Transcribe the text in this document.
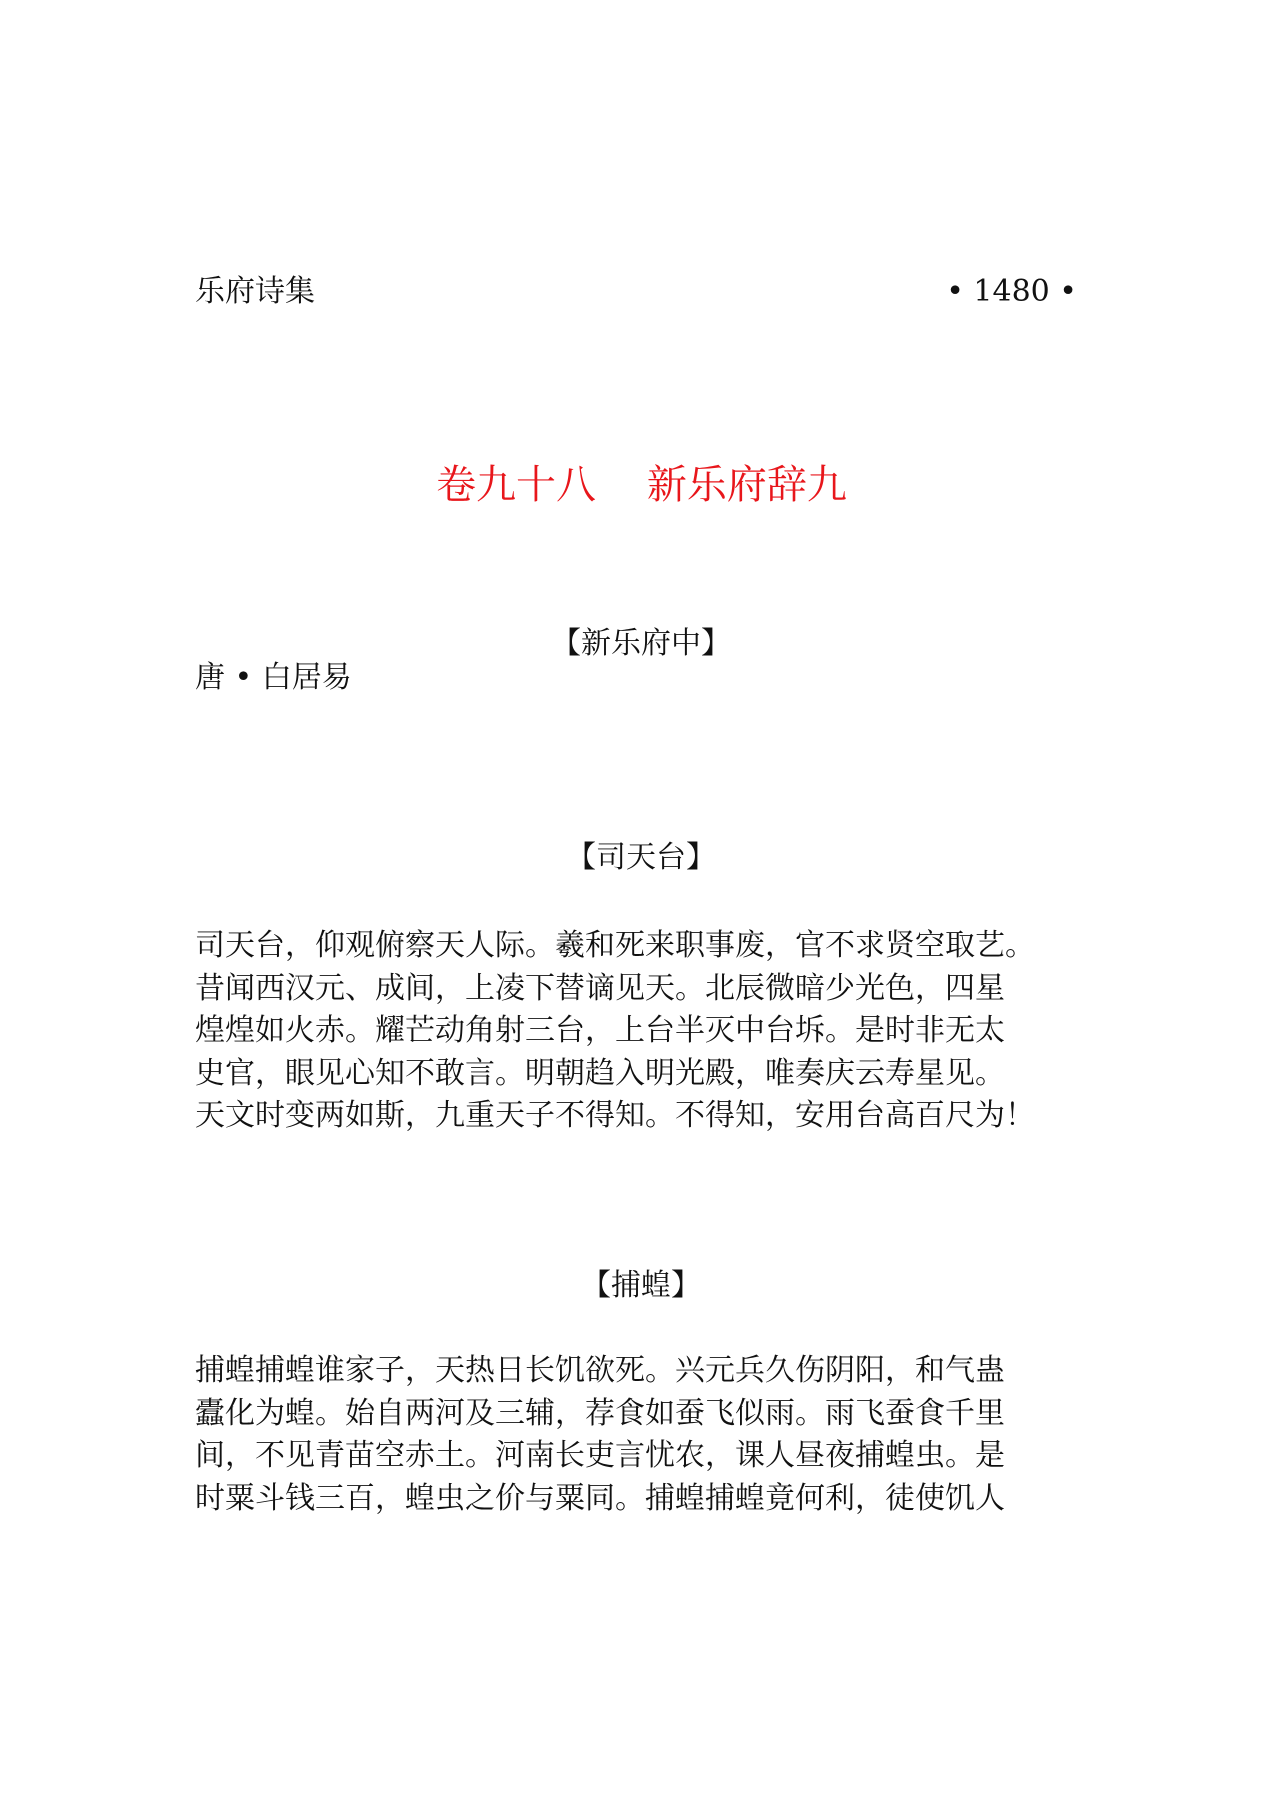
乐府诗集	• 1480 •
卷九十八    新乐府辞九
【新乐府中】
唐 • 白居易
【司天台】
司天台，仰观俯察天人际。羲和死来职事废，官不求贤空取艺。
昔闻西汉元、成间，上凌下替谪见天。北辰微暗少光色，四星
煌煌如火赤。耀芒动角射三台，上台半灭中台坼。是时非无太
史官，眼见心知不敢言。明朝趋入明光殿，唯奏庆云寿星见。
天文时变两如斯，九重天子不得知。不得知，安用台高百尺为！
【捕蝗】
捕蝗捕蝗谁家子，天热日长饥欲死。兴元兵久伤阴阳，和气蛊
蠹化为蝗。始自两河及三辅，荐食如蚕飞似雨。雨飞蚕食千里
间，不见青苗空赤土。河南长吏言忧农，课人昼夜捕蝗虫。是
时粟斗钱三百，蝗虫之价与粟同。捕蝗捕蝗竟何利，徒使饥人
